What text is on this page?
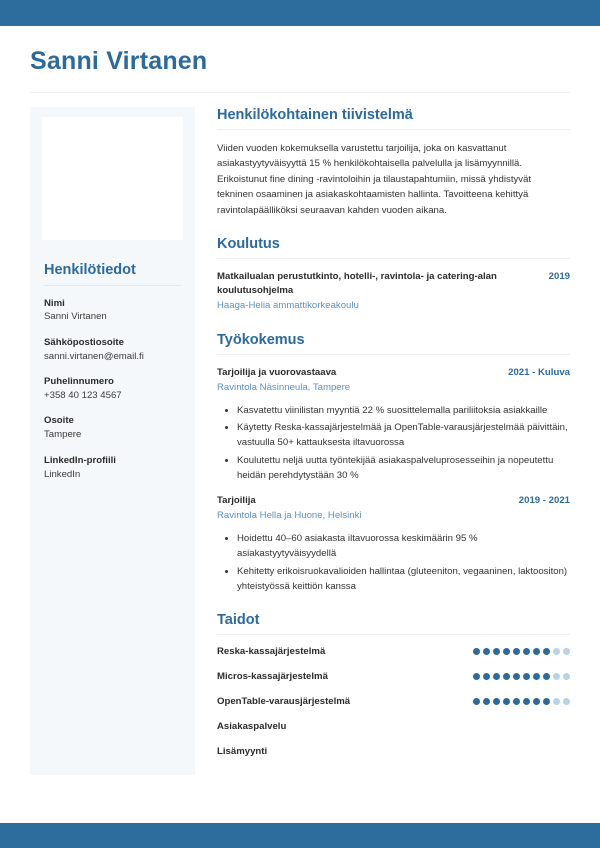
Sanni Virtanen
Henkilötiedot
Nimi
Sanni Virtanen
Sähköpostiosoite
sanni.virtanen@email.fi
Puhelinnumero
+358 40 123 4567
Osoite
Tampere
LinkedIn-profiili
LinkedIn
Henkilökohtainen tiivistelmä

Viiden vuoden kokemuksella varustettu tarjoilija, joka on kasvattanut asiakastyytyväisyyttä 15 % henkilökohtaisella palvelulla ja lisämyynnillä. Erikoistunut fine dining -ravintoloihin ja tilaustapahtumiin, missä yhdistyvät tekninen osaaminen ja asiakaskohtaamisten hallinta. Tavoitteena kehittyä ravintolapäälliköksi seuraavan kahden vuoden aikana.

Koulutus
Matkailualan perustutkinto, hotelli-, ravintola- ja catering-alan koulutusohjelma
2019
Haaga-Helia ammattikorkeakoulu
Työkokemus
Tarjoilija ja vuorovastaava	2021 - Kuluva
Ravintola Näsinneula, Tampere
• Kasvatettu viinilistan myyntiä 22 % suosittelemalla pariliitoksia asiakkaille
• Käytetty Reska-kassajärjestelmää ja OpenTable-varausjärjestelmää päivittäin, vastuulla 50+ kattauksesta iltavuorossa
• Koulutettu neljä uutta työntekijää asiakaspalveluprosesseihin ja nopeutettu heidän perehdytystään 30 %
Tarjoilija	2019 - 2021
Ravintola Hella ja Huone, Helsinki
• Hoidettu 40–60 asiakasta iltavuorossa keskimäärin 95 % asiakastyytyväisyydellä
• Kehitetty erikoisruokavalioiden hallintaa (gluteeniton, vegaaninen, laktoositon) yhteistyössä keittiön kanssa
Taidot
Reska-kassajärjestelmä
Micros-kassajärjestelmä
OpenTable-varausjärjestelmä
Asiakaspalvelu
Lisämyynti
